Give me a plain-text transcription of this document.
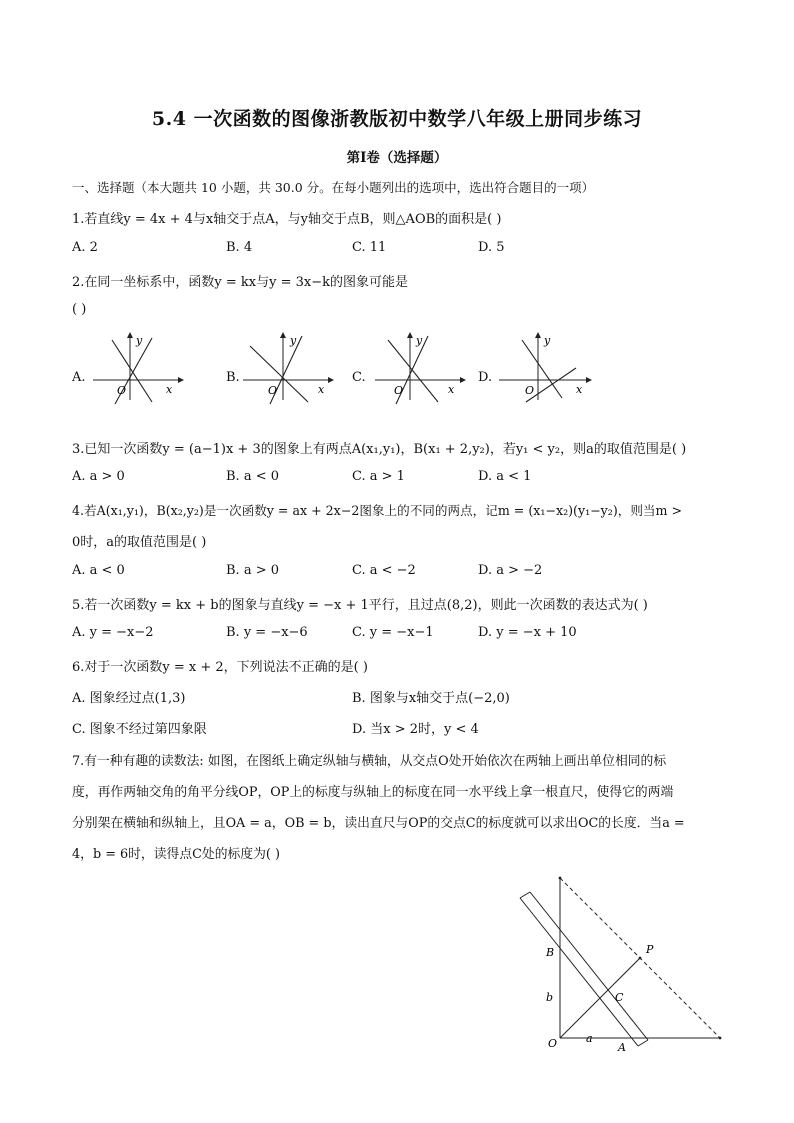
5.4 一次函数的图像浙教版初中数学八年级上册同步练习
第I卷（选择题）
一、选择题（本大题共 10 小题，共 30.0 分。在每小题列出的选项中，选出符合题目的一项）
1.若直线y = 4x + 4与x轴交于点A，与y轴交于点B，则△AOB的面积是( )
A. 2	B. 4	C. 11	D. 5
2.在同一坐标系中，函数y = kx与y = 3x−k的图象可能是
( )
A.
y
x
O
B.
y
x
O
C.
y
x
O
D.
y
x
O
3.已知一次函数y = (a−1)x + 3的图象上有两点A(x₁,y₁)，B(x₁ + 2,y₂)，若y₁ < y₂，则a的取值范围是( )
A. a > 0	B. a < 0	C. a > 1	D. a < 1
4.若A(x₁,y₁)，B(x₂,y₂)是一次函数y = ax + 2x−2图象上的不同的两点，记m = (x₁−x₂)(y₁−y₂)，则当m >
0时，a的取值范围是( )
A. a < 0	B. a > 0	C. a < −2	D. a > −2
5.若一次函数y = kx + b的图象与直线y = −x + 1平行，且过点(8,2)，则此一次函数的表达式为( )
A. y = −x−2	B. y = −x−6	C. y = −x−1	D. y = −x + 10
6.对于一次函数y = x + 2，下列说法不正确的是( )
A. 图象经过点(1,3)	B. 图象与x轴交于点(−2,0)
C. 图象不经过第四象限	D. 当x > 2时，y < 4
7.有一种有趣的读数法: 如图，在图纸上确定纵轴与横轴，从交点O处开始依次在两轴上画出单位相同的标
度，再作两轴交角的角平分线OP，OP上的标度与纵轴上的标度在同一水平线上拿一根直尺，使得它的两端
分别架在横轴和纵轴上，且OA = a，OB = b，读出直尺与OP的交点C的标度就可以求出OC的长度．当a =
4，b = 6时，读得点C处的标度为( )
B	P
C
b
O	a
A
